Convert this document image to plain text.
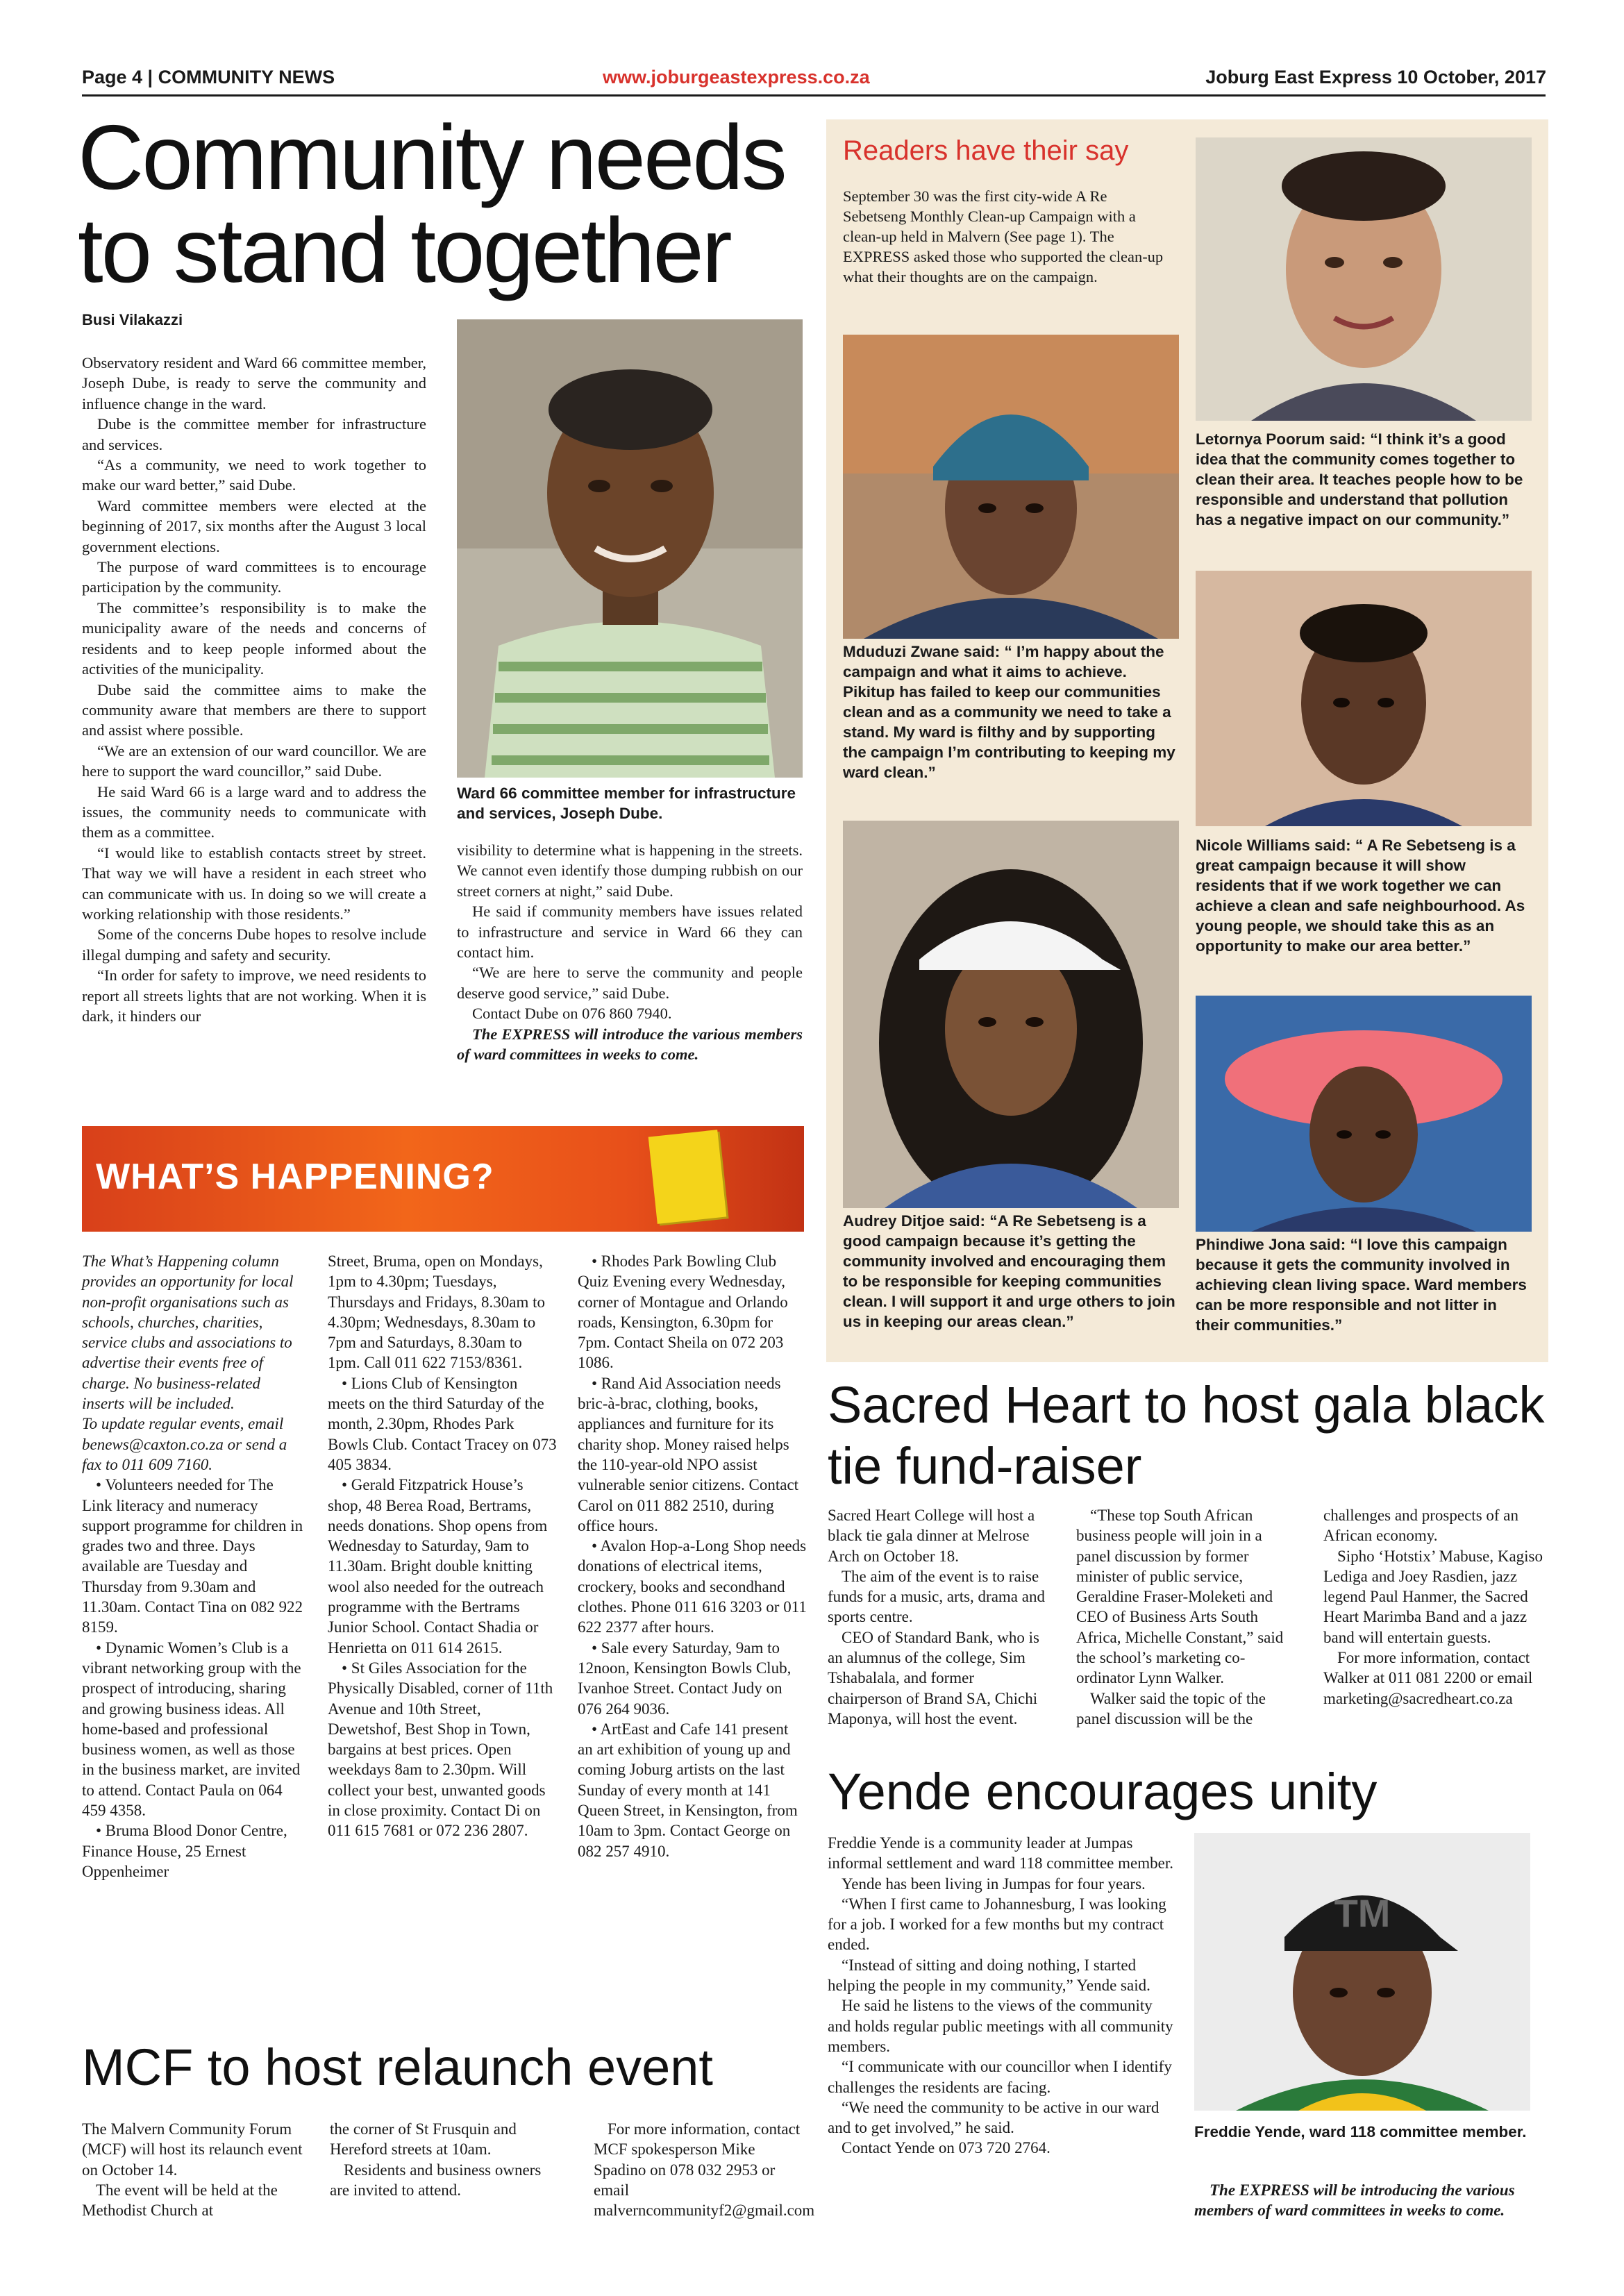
Page 4 | COMMUNITY NEWS	www.joburgeastexpress.co.za	Joburg East Express 10 October, 2017
Community needs to stand together
Busi Vilakazzi

Observatory resident and Ward 66 committee member, Joseph Dube, is ready to serve the community and influence change in the ward.

Dube is the committee member for infrastructure and services.

“As a community, we need to work together to make our ward better,” said Dube.

Ward committee members were elected at the beginning of 2017, six months after the August 3 local government elections.

The purpose of ward committees is to encourage participation by the community.

The committee’s responsibility is to make the municipality aware of the needs and concerns of residents and to keep people informed about the activities of the municipality.

Dube said the committee aims to make the community aware that members are there to support and assist where possible.

“We are an extension of our ward councillor. We are here to support the ward councillor,” said Dube.

He said Ward 66 is a large ward and to address the issues, the community needs to communicate with them as a committee.

“I would like to establish contacts street by street. That way we will have a resident in each street who can communicate with us. In doing so we will create a working relationship with those residents.”

Some of the concerns Dube hopes to resolve include illegal dumping and safety and security.

“In order for safety to improve, we need residents to report all streets lights that are not working. When it is dark, it hinders our

Ward 66 committee member for infrastructure and services, Joseph Dube.

visibility to determine what is happening in the streets. We cannot even identify those dumping rubbish on our street corners at night,” said Dube.

He said if community members have issues related to infrastructure and service in Ward 66 they can contact him.

“We are here to serve the community and people deserve good service,” said Dube.

Contact Dube on 076 860 7940.

The EXPRESS will introduce the various members of ward committees in weeks to come.

Readers have their say
September 30 was the first city-wide A Re Sebetseng Monthly Clean-up Campaign with a clean-up held in Malvern (See page 1). The EXPRESS asked those who supported the clean-up what their thoughts are on the campaign.
Letornya Poorum said: “I think it’s a good idea that the community comes together to clean their area. It teaches people how to be responsible and understand that pollution has a negative impact on our community.”
Mduduzi Zwane said: “ I’m happy about the campaign and what it aims to achieve. Pikitup has failed to keep our communities clean and as a community we need to take a stand. My ward is filthy and by supporting the campaign I’m contributing to keeping my ward clean.”
Nicole Williams said: “ A Re Sebetseng is a great campaign because it will show residents that if we work together we can achieve a clean and safe neighbourhood. As young people, we should take this as an opportunity to make our area better.”
Audrey Ditjoe said: “A Re Sebetseng is a good campaign because it’s getting the community involved and encouraging them to be responsible for keeping communities clean. I will support it and urge others to join us in keeping our areas clean.”
Phindiwe Jona said: “I love this campaign because it gets the community involved in achieving clean living space. Ward members can be more responsible and not litter in their communities.”
WHAT’S HAPPENING?

The What’s Happening column provides an opportunity for local non-profit organisations such as schools, churches, charities, service clubs and associations to advertise their events free of charge. No business-related inserts will be included.

To update regular events, email benews@caxton.co.za or send a fax to 011 609 7160.

• Volunteers needed for The Link literacy and numeracy support programme for children in grades two and three. Days available are Tuesday and Thursday from 9.30am and 11.30am. Contact Tina on 082 922 8159.

• Dynamic Women’s Club is a vibrant networking group with the prospect of introducing, sharing and growing business ideas. All home-based and professional business women, as well as those in the business market, are invited to attend. Contact Paula on 064 459 4358.

• Bruma Blood Donor Centre, Finance House, 25 Ernest Oppenheimer

Street, Bruma, open on Mondays, 1pm to 4.30pm; Tuesdays, Thursdays and Fridays, 8.30am to 4.30pm; Wednesdays, 8.30am to 7pm and Saturdays, 8.30am to 1pm. Call 011 622 7153/8361.

• Lions Club of Kensington meets on the third Saturday of the month, 2.30pm, Rhodes Park Bowls Club. Contact Tracey on 073 405 3834.

• Gerald Fitzpatrick House’s shop, 48 Berea Road, Bertrams, needs donations. Shop opens from Wednesday to Saturday, 9am to 11.30am. Bright double knitting wool also needed for the outreach programme with the Bertrams Junior School. Contact Shadia or Henrietta on 011 614 2615.

• St Giles Association for the Physically Disabled, corner of 11th Avenue and 10th Street, Dewetshof, Best Shop in Town, bargains at best prices. Open weekdays 8am to 2.30pm. Will collect your best, unwanted goods in close proximity. Contact Di on 011 615 7681 or 072 236 2807.

• Rhodes Park Bowling Club Quiz Evening every Wednesday, corner of Montague and Orlando roads, Kensington, 6.30pm for 7pm. Contact Sheila on 072 203 1086.

• Rand Aid Association needs bric-à-brac, clothing, books, appliances and furniture for its charity shop. Money raised helps the 110-year-old NPO assist vulnerable senior citizens. Contact Carol on 011 882 2510, during office hours.

• Avalon Hop-a-Long Shop needs donations of electrical items, crockery, books and secondhand clothes. Phone 011 616 3203 or 011 622 2377 after hours.

• Sale every Saturday, 9am to 12noon, Kensington Bowls Club, Ivanhoe Street. Contact Judy on 076 264 9036.

• ArtEast and Cafe 141 present an art exhibition of young up and coming Joburg artists on the last Sunday of every month at 141 Queen Street, in Kensington, from 10am to 3pm. Contact George on 082 257 4910.

MCF to host relaunch event

The Malvern Community Forum (MCF) will host its relaunch event on October 14.

The event will be held at the Methodist Church at

the corner of St Frusquin and Hereford streets at 10am.

Residents and business owners are invited to attend.

For more information, contact MCF spokesperson Mike Spadino on 078 032 2953 or email malverncommunityf2@gmail.com

Sacred Heart to host gala black tie fund-raiser

Sacred Heart College will host a black tie gala dinner at Melrose Arch on October 18.

The aim of the event is to raise funds for a music, arts, drama and sports centre.

CEO of Standard Bank, who is an alumnus of the college, Sim Tshabalala, and former chairperson of Brand SA, Chichi Maponya, will host the event.

“These top South African business people will join in a panel discussion by former minister of public service, Geraldine Fraser-Moleketi and CEO of Business Arts South Africa, Michelle Constant,” said the school’s marketing co-ordinator Lynn Walker.

Walker said the topic of the panel discussion will be the

challenges and prospects of an African economy.

Sipho ‘Hotstix’ Mabuse, Kagiso Lediga and Joey Rasdien, jazz legend Paul Hanmer, the Sacred Heart Marimba Band and a jazz band will entertain guests.

For more information, contact Walker at 011 081 2200 or email marketing@sacredheart.co.za

Yende encourages unity

Freddie Yende is a community leader at Jumpas informal settlement and ward 118 committee member.

Yende has been living in Jumpas for four years.

“When I first came to Johannesburg, I was looking for a job. I worked for a few months but my contract ended.

“Instead of sitting and doing nothing, I started helping the people in my community,” Yende said.

He said he listens to the views of the community and holds regular public meetings with all community members.

“I communicate with our councillor when I identify challenges the residents are facing.

“We need the community to be active in our ward and to get involved,” he said.

Contact Yende on 073 720 2764.

TM
Freddie Yende, ward 118 committee member.
The EXPRESS will be introducing the various members of ward committees in weeks to come.
